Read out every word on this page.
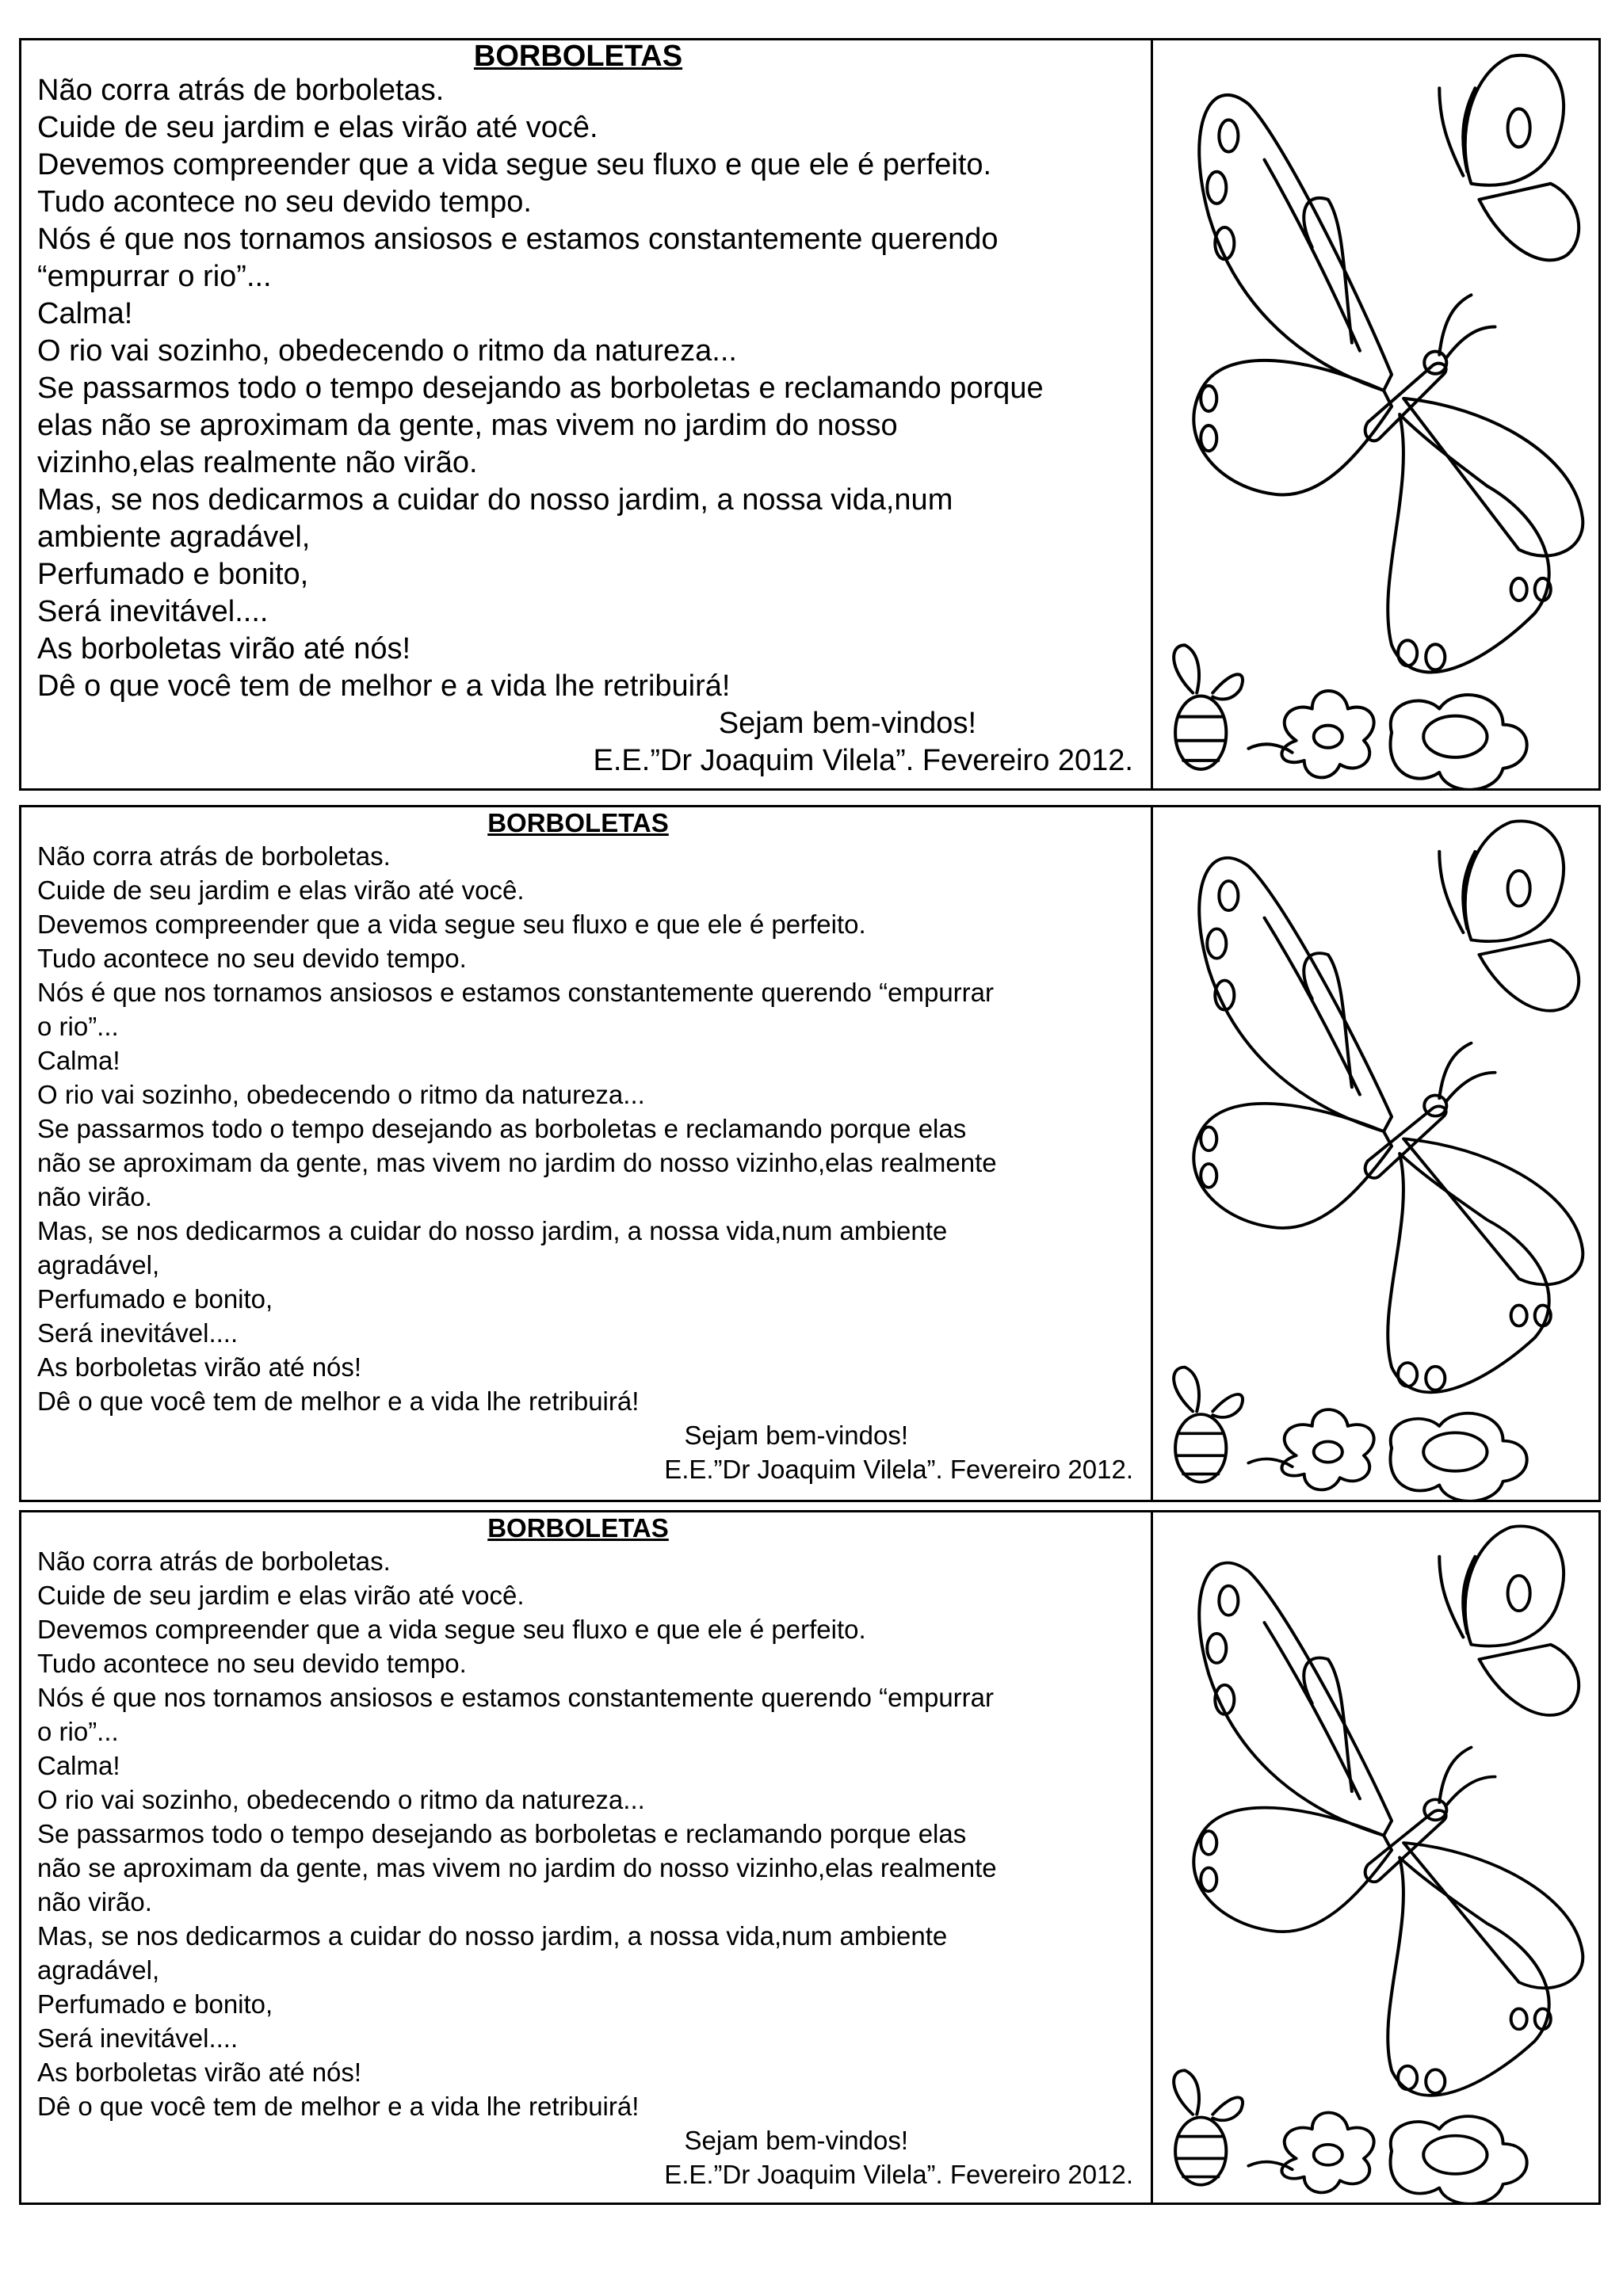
BORBOLETAS
Não corra atrás de borboletas.
Cuide de seu jardim e elas virão até você.
Devemos compreender que a vida segue seu fluxo e que ele é perfeito.
Tudo acontece no seu devido tempo.
Nós é que nos tornamos ansiosos e estamos constantemente querendo
“empurrar o rio”...
Calma!
O rio vai sozinho, obedecendo o ritmo da natureza...
Se passarmos todo o tempo desejando as borboletas e reclamando porque
elas não se aproximam da gente, mas vivem no jardim do nosso
vizinho,elas realmente não virão.
Mas, se nos dedicarmos a cuidar do nosso jardim, a nossa vida,num
ambiente agradável,
Perfumado e bonito,
Será inevitável....
As borboletas virão até nós!
Dê o que você tem de melhor e a vida lhe retribuirá!
Sejam bem-vindos!
E.E.”Dr Joaquim Vilela”. Fevereiro 2012.
BORBOLETAS
Não corra atrás de borboletas.
Cuide de seu jardim e elas virão até você.
Devemos compreender que a vida segue seu fluxo e que ele é perfeito.
Tudo acontece no seu devido tempo.
Nós é que nos tornamos ansiosos e estamos constantemente querendo “empurrar
o rio”...
Calma!
O rio vai sozinho, obedecendo o ritmo da natureza...
Se passarmos todo o tempo desejando as borboletas e reclamando porque elas
não se aproximam da gente, mas vivem no jardim do nosso vizinho,elas realmente
não virão.
Mas, se nos dedicarmos a cuidar do nosso jardim, a nossa vida,num ambiente
agradável,
Perfumado e bonito,
Será inevitável....
As borboletas virão até nós!
Dê o que você tem de melhor e a vida lhe retribuirá!
Sejam bem-vindos!
E.E.”Dr Joaquim Vilela”. Fevereiro 2012.
BORBOLETAS
Não corra atrás de borboletas.
Cuide de seu jardim e elas virão até você.
Devemos compreender que a vida segue seu fluxo e que ele é perfeito.
Tudo acontece no seu devido tempo.
Nós é que nos tornamos ansiosos e estamos constantemente querendo “empurrar
o rio”...
Calma!
O rio vai sozinho, obedecendo o ritmo da natureza...
Se passarmos todo o tempo desejando as borboletas e reclamando porque elas
não se aproximam da gente, mas vivem no jardim do nosso vizinho,elas realmente
não virão.
Mas, se nos dedicarmos a cuidar do nosso jardim, a nossa vida,num ambiente
agradável,
Perfumado e bonito,
Será inevitável....
As borboletas virão até nós!
Dê o que você tem de melhor e a vida lhe retribuirá!
Sejam bem-vindos!
E.E.”Dr Joaquim Vilela”. Fevereiro 2012.
